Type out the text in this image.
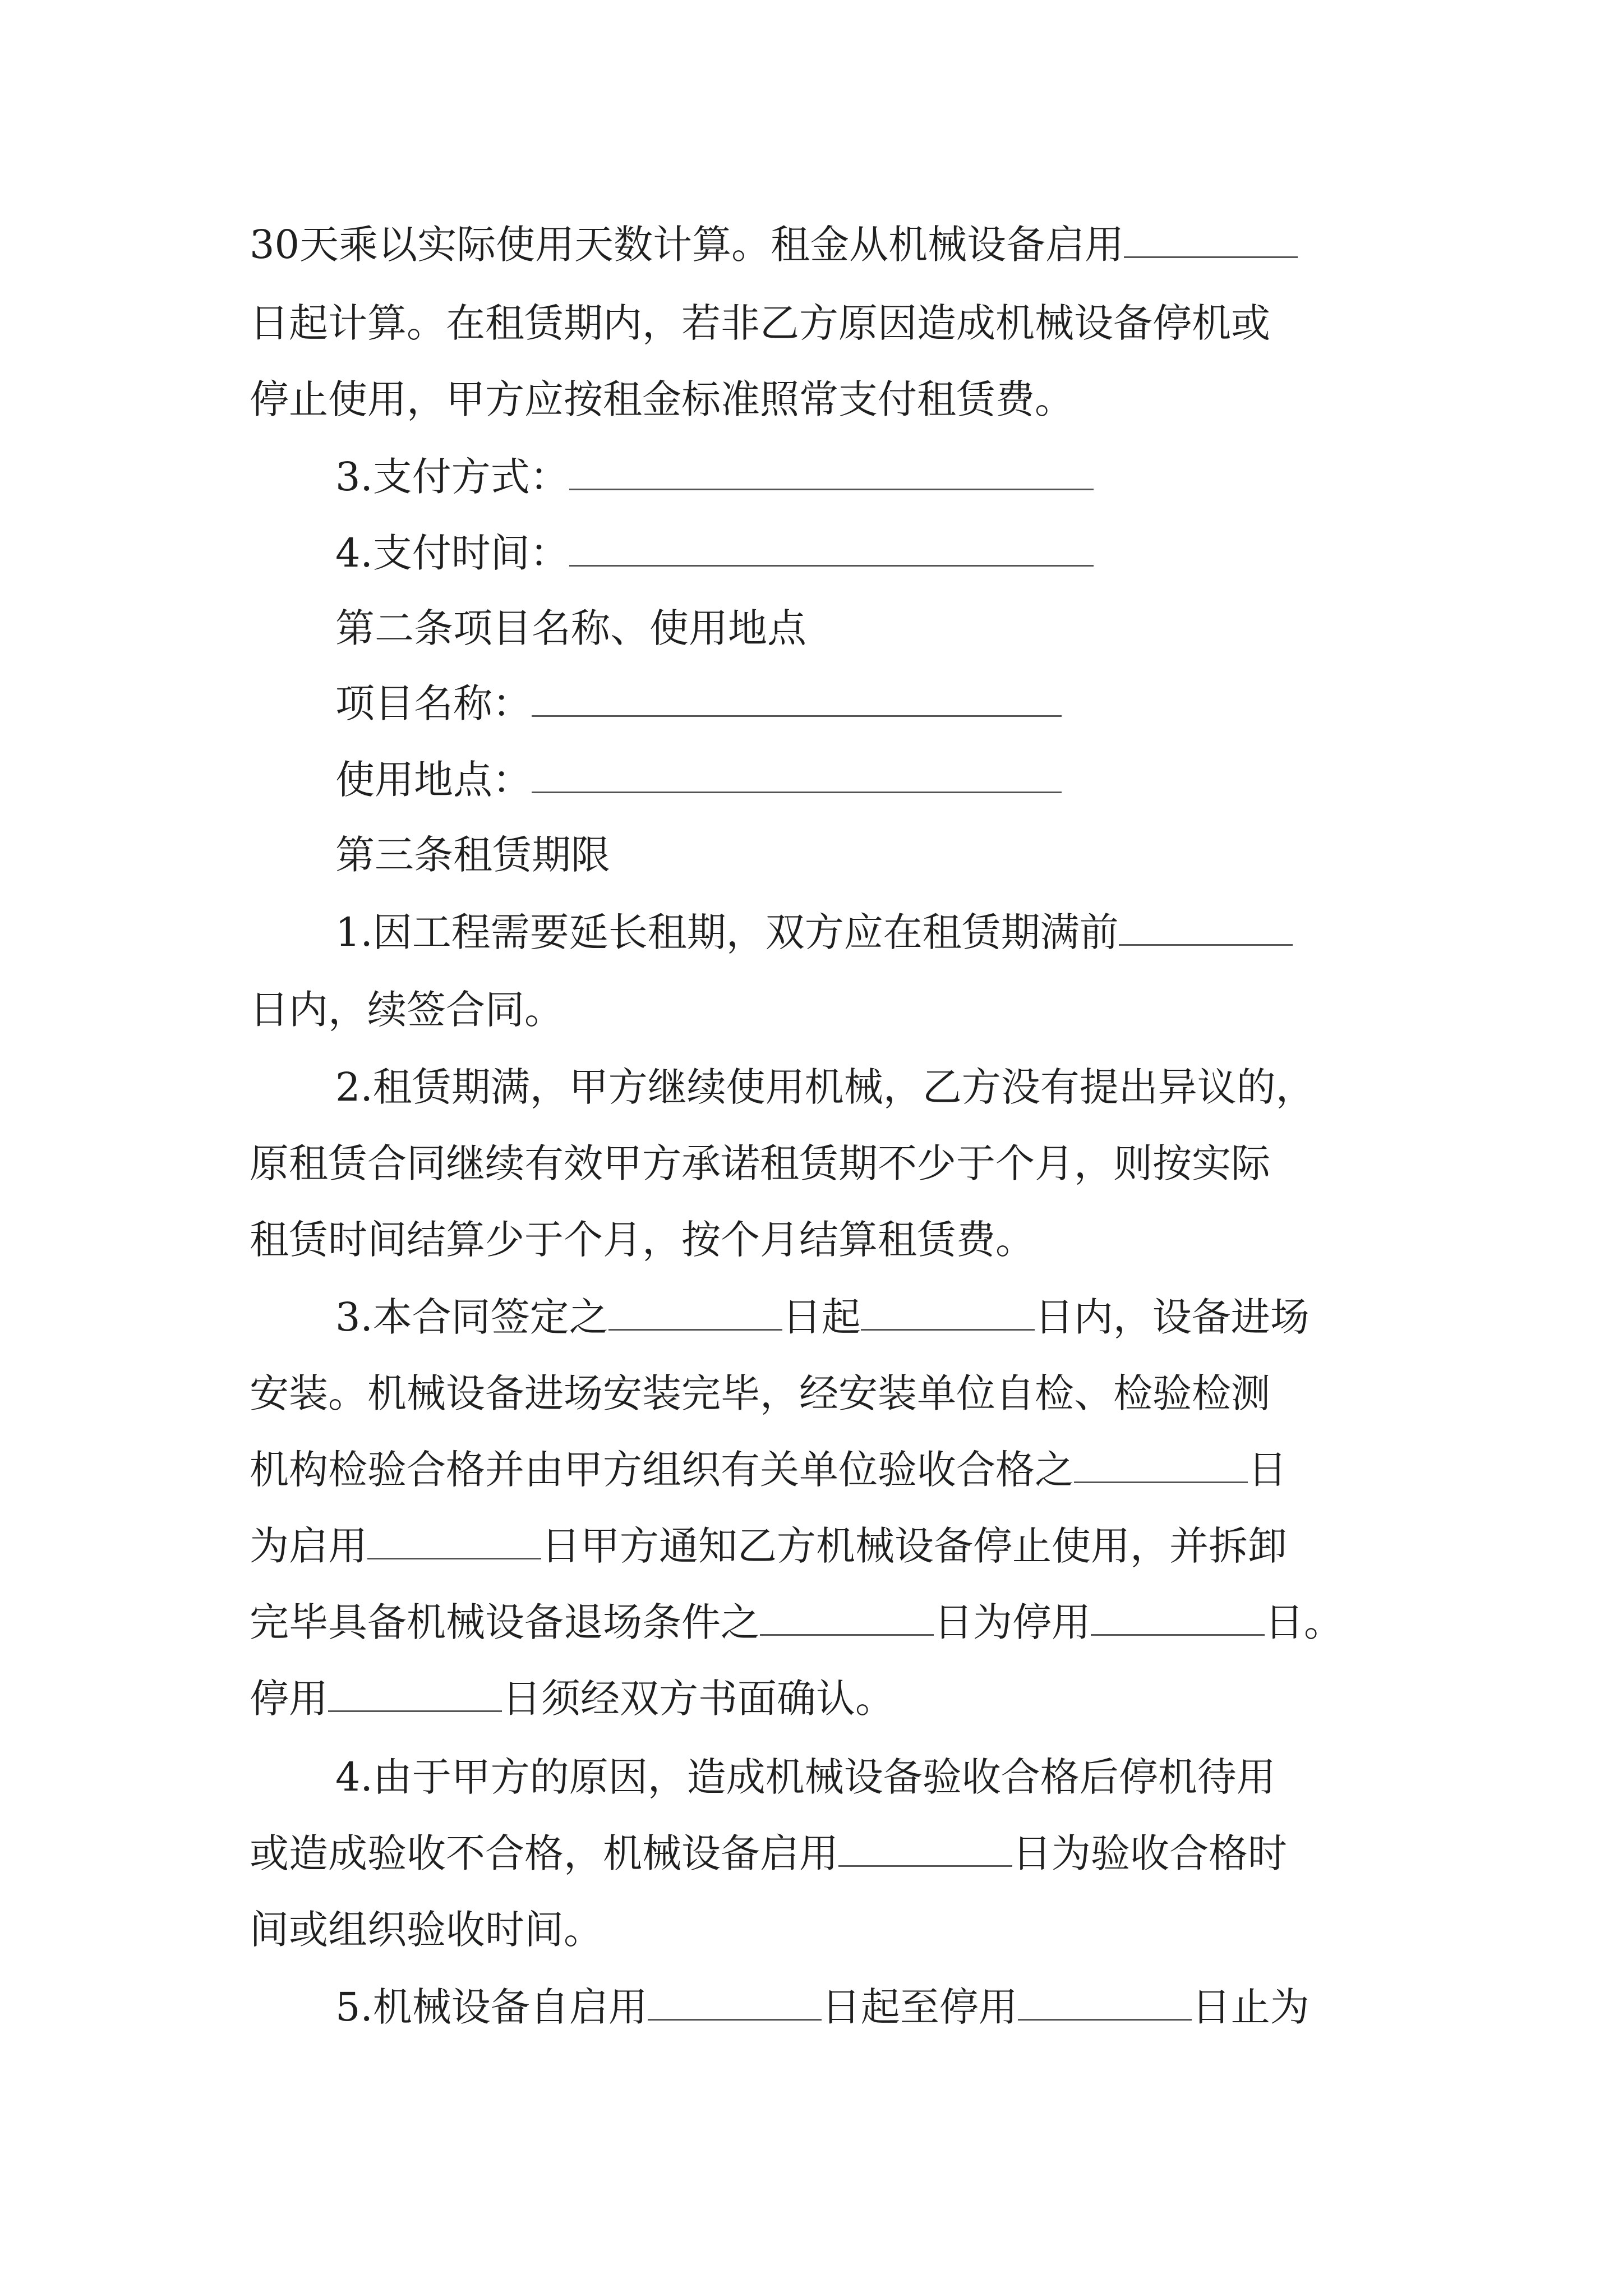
30天乘以实际使用天数计算。租金从机械设备启用
日起计算。在租赁期内，若非乙方原因造成机械设备停机或
停止使用，甲方应按租金标准照常支付租赁费。
3.支付方式：
4.支付时间：
第二条项目名称、使用地点
项目名称：
使用地点：
第三条租赁期限
1.因工程需要延长租期，双方应在租赁期满前
日内，续签合同。
2.租赁期满，甲方继续使用机械，乙方没有提出异议的，
原租赁合同继续有效甲方承诺租赁期不少于个月，则按实际
租赁时间结算少于个月，按个月结算租赁费。
3.本合同签定之	日起	日内，设备进场
安装。机械设备进场安装完毕，经安装单位自检、检验检测
机构检验合格并由甲方组织有关单位验收合格之	日
为启用	日甲方通知乙方机械设备停止使用，并拆卸
完毕具备机械设备退场条件之	日为停用	日。
停用	日须经双方书面确认。
4.由于甲方的原因，造成机械设备验收合格后停机待用
或造成验收不合格，机械设备启用	日为验收合格时
间或组织验收时间。
5.机械设备自启用	日起至停用	日止为
